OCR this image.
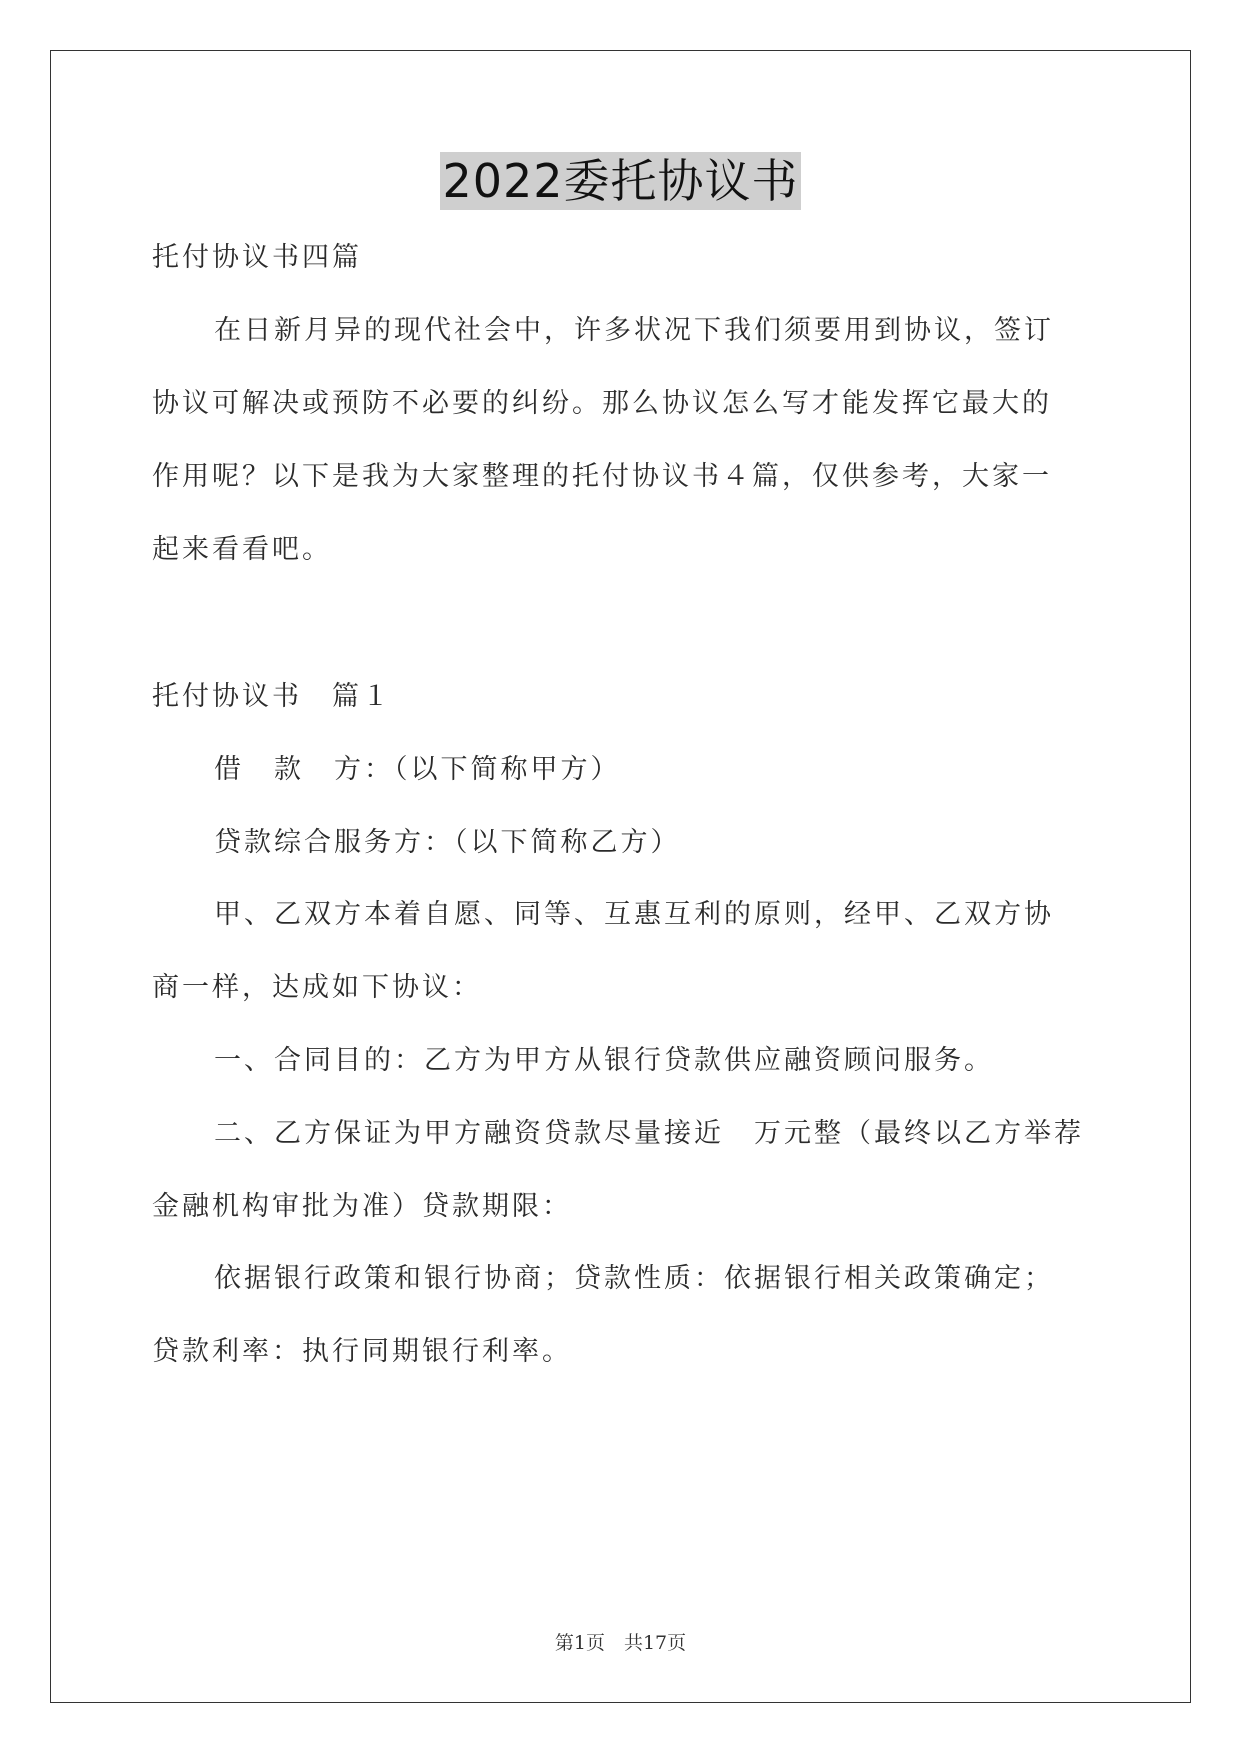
2022委托协议书
托付协议书四篇
在日新月异的现代社会中，许多状况下我们须要用到协议，签订
协议可解决或预防不必要的纠纷。那么协议怎么写才能发挥它最大的
作用呢？以下是我为大家整理的托付协议书４篇，仅供参考，大家一
起来看看吧。
托付协议书　篇１
借　款　方：（以下简称甲方）
贷款综合服务方：（以下简称乙方）
甲、乙双方本着自愿、同等、互惠互利的原则，经甲、乙双方协
商一样，达成如下协议：
一、合同目的：乙方为甲方从银行贷款供应融资顾问服务。
二、乙方保证为甲方融资贷款尽量接近　万元整（最终以乙方举荐
金融机构审批为准）贷款期限：
依据银行政策和银行协商；贷款性质：依据银行相关政策确定；
贷款利率：执行同期银行利率。
第1页　共17页
